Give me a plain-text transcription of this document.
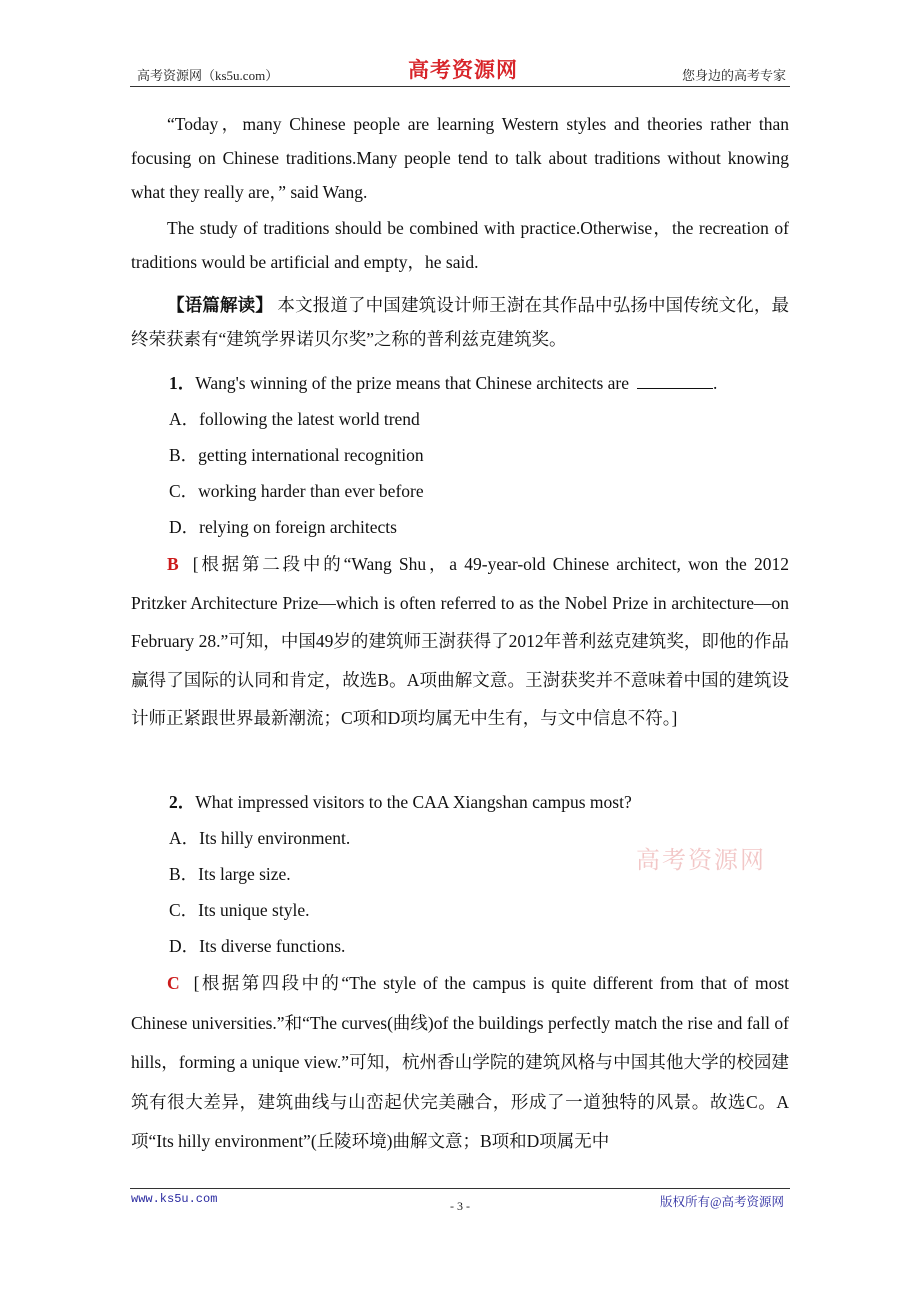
高考资源网（ks5u.com）	高考资源网	您身边的高考专家

“Today，many Chinese people are learning Western styles and theories rather than focusing on Chinese traditions.Many people tend to talk about traditions without knowing what they really are，” said Wang.

The study of traditions should be combined with practice.Otherwise，the recreation of traditions would be artificial and empty，he said.

【语篇解读】 本文报道了中国建筑设计师王澍在其作品中弘扬中国传统文化，最终荣获素有“建筑学界诺贝尔奖”之称的普利兹克建筑奖。

1．Wang's winning of the prize means that Chinese architects are	.

A．following the latest world trend

B．getting international recognition

C．working harder than ever before

D．relying on foreign architects

B [根据第二段中的“Wang Shu，a 49-year-old Chinese architect, won the 2012 Pritzker Architecture Prize—which is often referred to as the Nobel Prize in architecture—on February 28.”可知，中国49岁的建筑师王澍获得了2012年普利兹克建筑奖，即他的作品赢得了国际的认同和肯定，故选B。A项曲解文意。王澍获奖并不意味着中国的建筑设计师正紧跟世界最新潮流；C项和D项均属无中生有，与文中信息不符。]

2．What impressed visitors to the CAA Xiangshan campus most?

A．Its hilly environment.

B．Its large size.

C．Its unique style.

D．Its diverse functions.

C [根据第四段中的“The style of the campus is quite different from that of most Chinese universities.”和“The curves(曲线)of the buildings perfectly match the rise and fall of hills，forming a unique view.”可知，杭州香山学院的建筑风格与中国其他大学的校园建筑有很大差异，建筑曲线与山峦起伏完美融合，形成了一道独特的风景。故选C。A项“Its hilly environment”(丘陵环境)曲解文意；B项和D项属无中

高考资源网
www.ks5u.com	- 3 -	版权所有@高考资源网
